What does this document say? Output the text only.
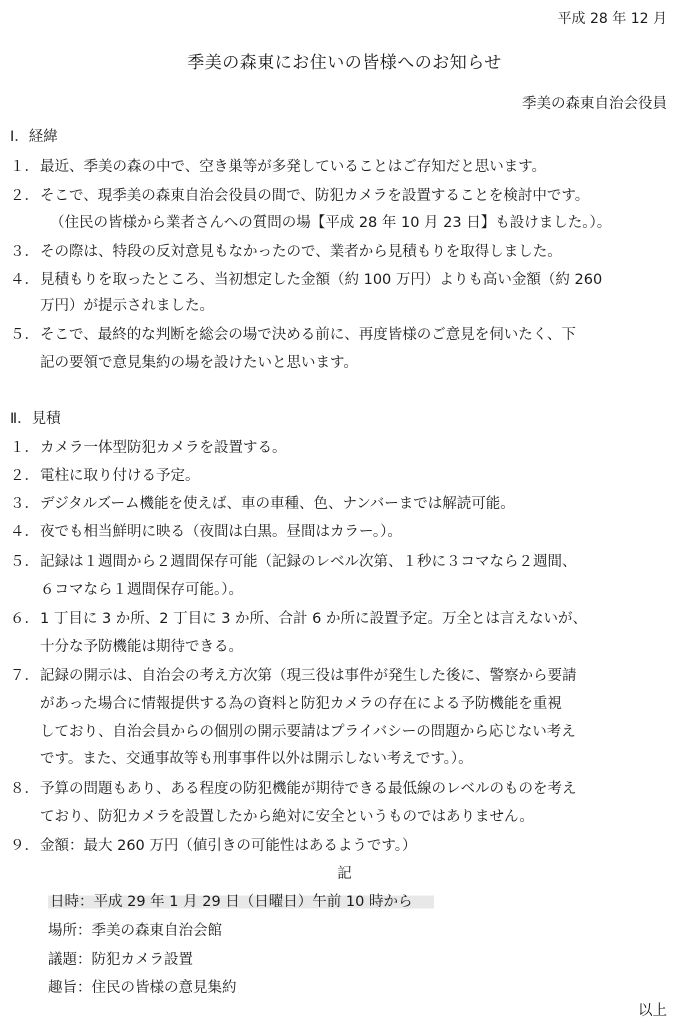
平成 28 年 12 月
季美の森東にお住いの皆様へのお知らせ
季美の森東自治会役員
Ⅰ．経緯
１． 最近、季美の森の中で、空き巣等が多発していることはご存知だと思います。
２． そこで、現季美の森東自治会役員の間で、防犯カメラを設置することを検討中です。
（住民の皆様から業者さんへの質問の場【平成 28 年 10 月 23 日】も設けました。）。
３． その際は、特段の反対意見もなかったので、業者から見積もりを取得しました。
４． 見積もりを取ったところ、当初想定した金額（約 100 万円）よりも高い金額（約 260
万円）が提示されました。
５． そこで、最終的な判断を総会の場で決める前に、再度皆様のご意見を伺いたく、下
記の要領で意見集約の場を設けたいと思います。
Ⅱ．見積
１． カメラ一体型防犯カメラを設置する。
２． 電柱に取り付ける予定。
３． デジタルズーム機能を使えば、車の車種、色、ナンバーまでは解読可能。
４． 夜でも相当鮮明に映る（夜間は白黒。昼間はカラー。）。
５． 記録は１週間から２週間保存可能（記録のレベル次第、１秒に３コマなら２週間、
６コマなら１週間保存可能。）。
６． 1 丁目に 3 か所、2 丁目に 3 か所、合計 6 か所に設置予定。万全とは言えないが、
十分な予防機能は期待できる。
７． 記録の開示は、自治会の考え方次第（現三役は事件が発生した後に、警察から要請
があった場合に情報提供する為の資料と防犯カメラの存在による予防機能を重視
しており、自治会員からの個別の開示要請はプライバシーの問題から応じない考え
です。また、交通事故等も刑事事件以外は開示しない考えです。）。
８． 予算の問題もあり、ある程度の防犯機能が期待できる最低線のレベルのものを考え
ており、防犯カメラを設置したから絶対に安全というものではありません。
９． 金額：最大 260 万円（値引きの可能性はあるようです。）
記
日時：平成 29 年 1 月 29 日（日曜日）午前 10 時から
場所：季美の森東自治会館
議題：防犯カメラ設置
趣旨：住民の皆様の意見集約
以上
